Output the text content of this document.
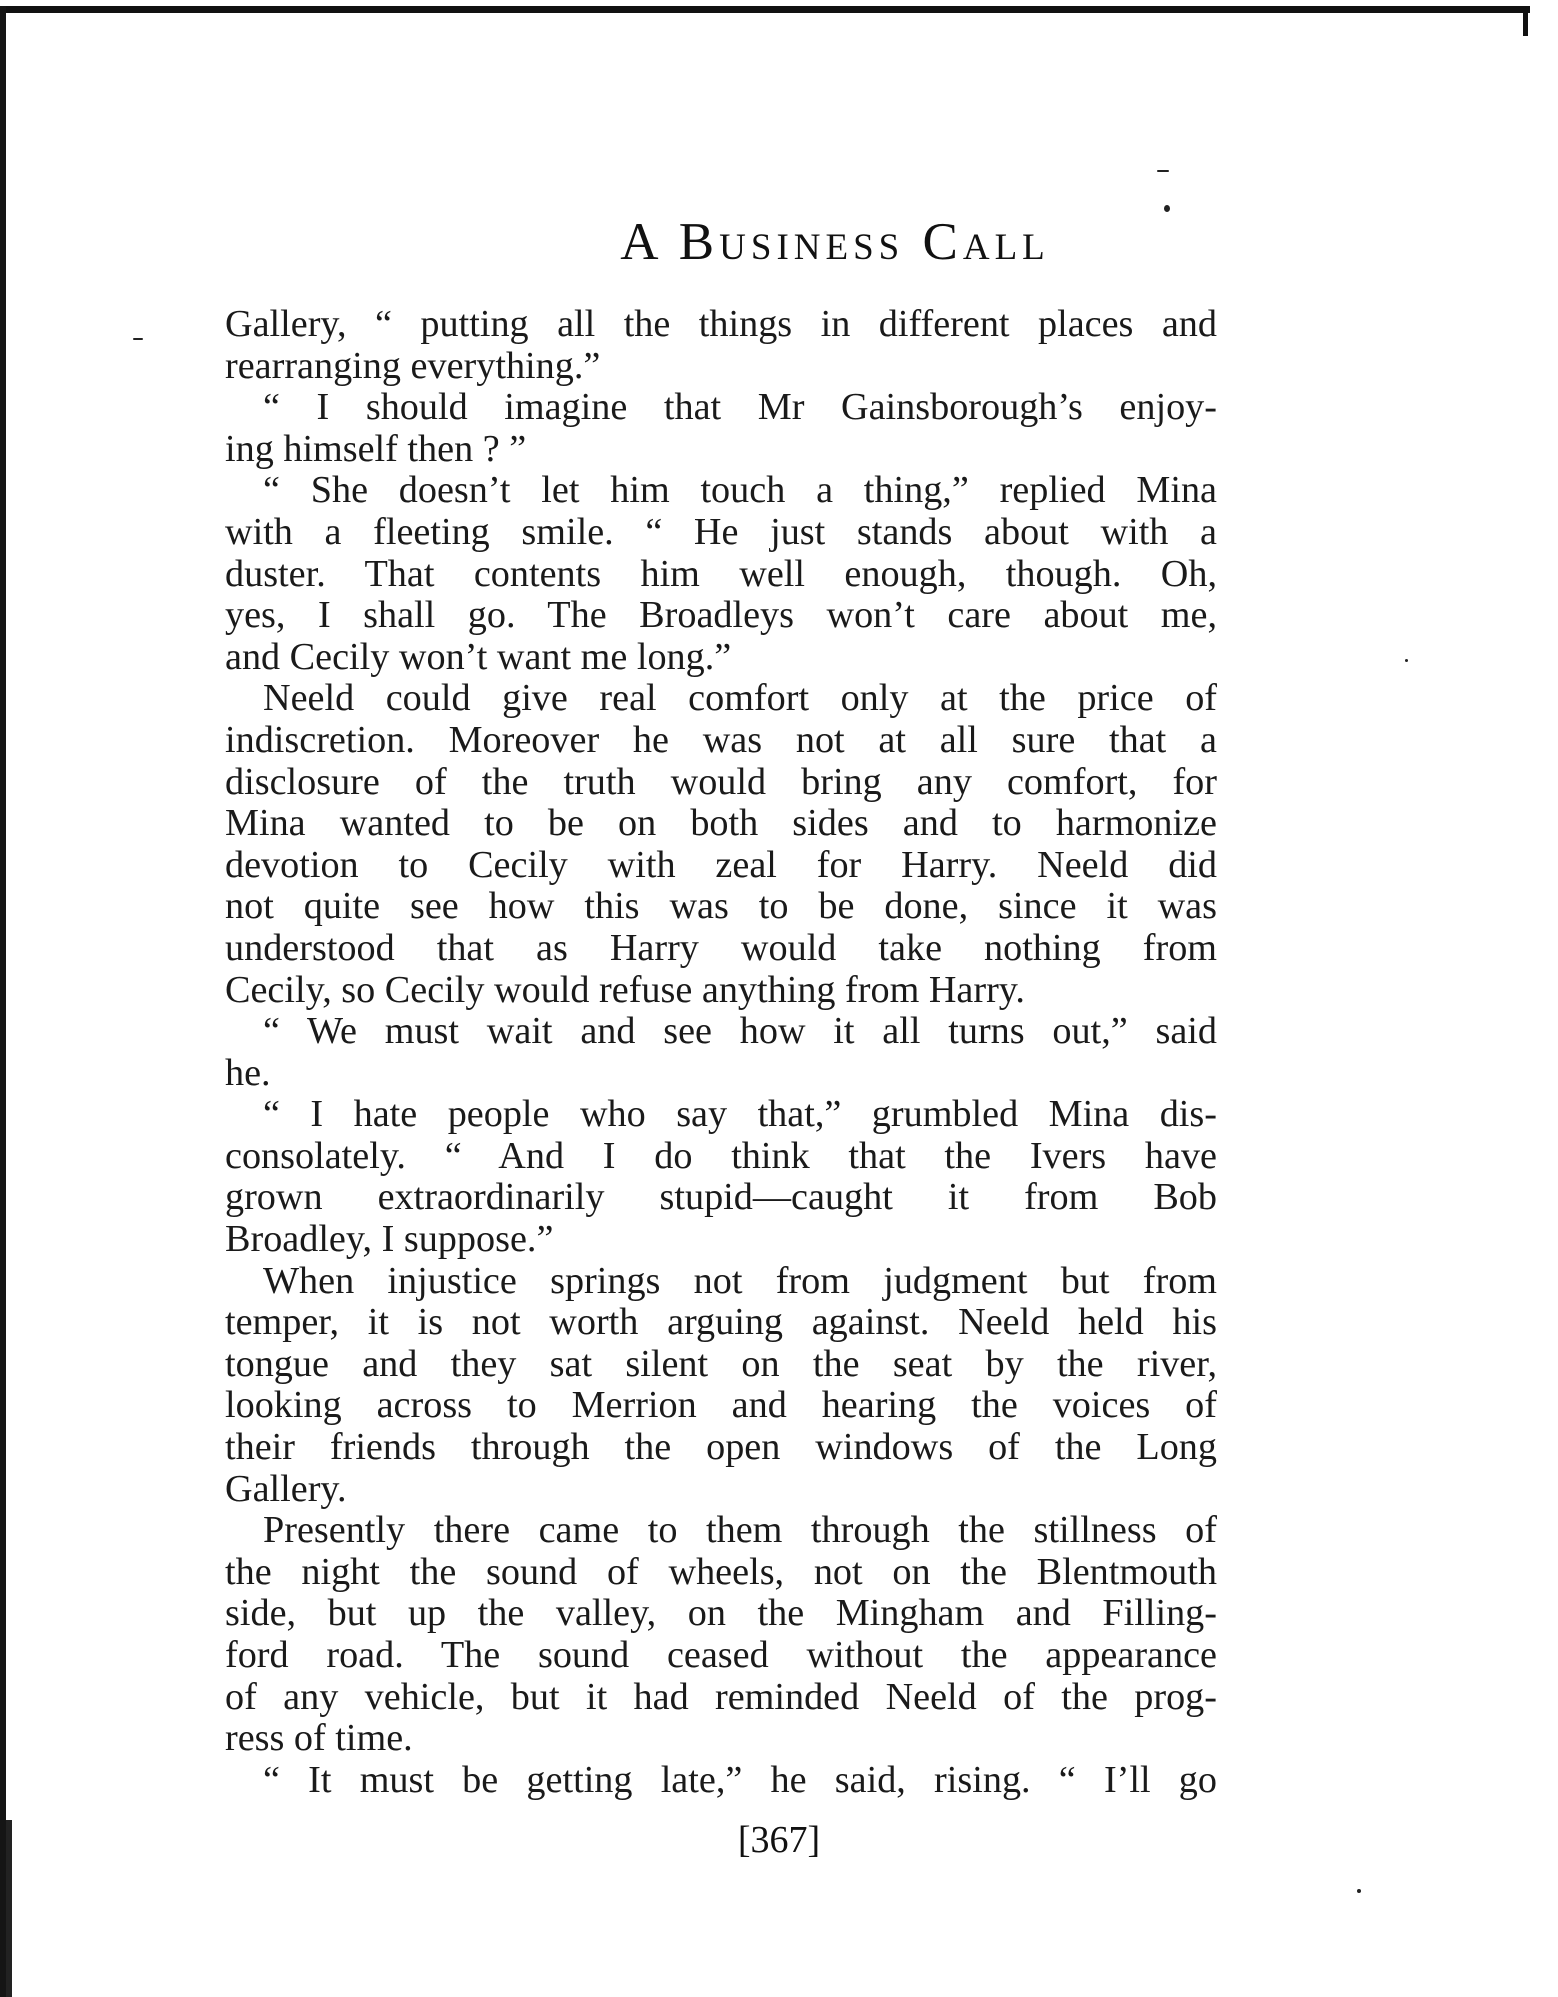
A Business Call
Gallery, “ putting all the things in different places and
rearranging everything.”
“ I should imagine that Mr Gainsborough’s enjoy-
ing himself then ? ”
“ She doesn’t let him touch a thing,” replied Mina
with a fleeting smile. “ He just stands about with a
duster. That contents him well enough, though. Oh,
yes, I shall go. The Broadleys won’t care about me,
and Cecily won’t want me long.”
Neeld could give real comfort only at the price of
indiscretion. Moreover he was not at all sure that a
disclosure of the truth would bring any comfort, for
Mina wanted to be on both sides and to harmonize
devotion to Cecily with zeal for Harry. Neeld did
not quite see how this was to be done, since it was
understood that as Harry would take nothing from
Cecily, so Cecily would refuse anything from Harry.
“ We must wait and see how it all turns out,” said
he.
“ I hate people who say that,” grumbled Mina dis-
consolately. “ And I do think that the Ivers have
grown extraordinarily stupid—caught it from Bob
Broadley, I suppose.”
When injustice springs not from judgment but from
temper, it is not worth arguing against. Neeld held his
tongue and they sat silent on the seat by the river,
looking across to Merrion and hearing the voices of
their friends through the open windows of the Long
Gallery.
Presently there came to them through the stillness of
the night the sound of wheels, not on the Blentmouth
side, but up the valley, on the Mingham and Filling-
ford road. The sound ceased without the appearance
of any vehicle, but it had reminded Neeld of the prog-
ress of time.
“ It must be getting late,” he said, rising. “ I’ll go
[367]
